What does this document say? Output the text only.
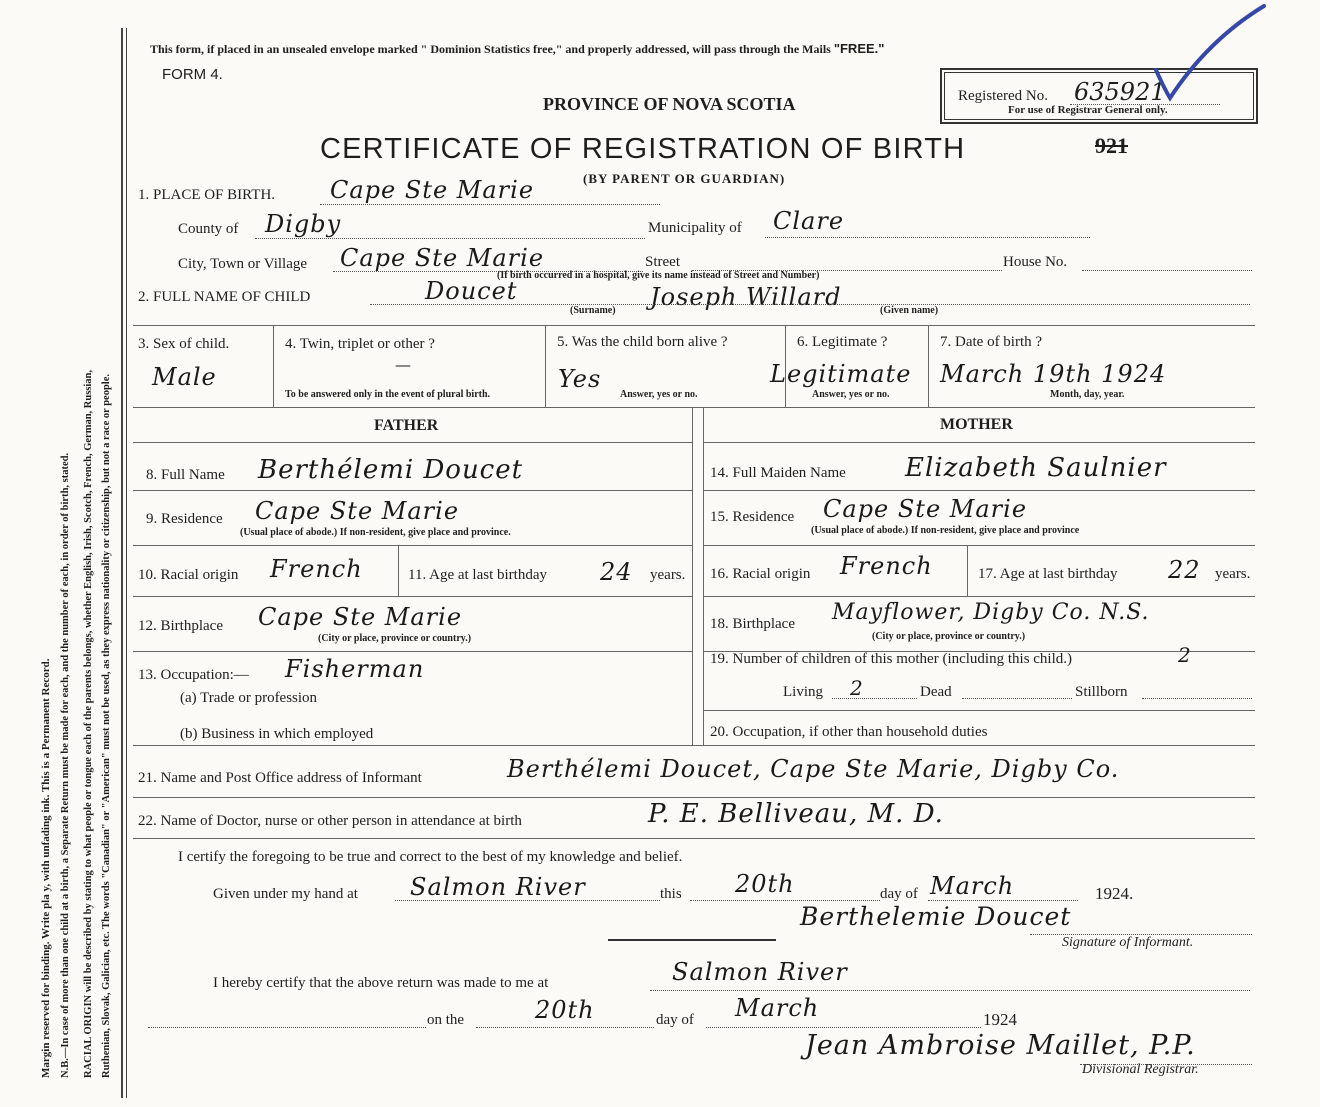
Margin reserved for binding. Write pla y, with unfading ink. This is a Permanent Record. N.B.—In case of more than one child at a birth, a Separate Return must be made for each, and the number of each, in order of birth, stated. RACIAL ORIGIN will be described by stating to what people or tongue each of the parents belongs, whether English, Irish, Scotch, French, German, Russian, Ruthenian, Slovak, Galician, etc. The words "Canadian" or "American" must not be used, as they express nationality or citizenship, but not a race or people.
This form, if placed in an unsealed envelope marked " Dominion Statistics free," and properly addressed, will pass through the Mails "FREE."
FORM 4.
PROVINCE OF NOVA SCOTIA	Registered No. 635921
For use of Registrar General only.
CERTIFICATE OF REGISTRATION OF BIRTH	921
(BY PARENT OR GUARDIAN)
1. PLACE OF BIRTH. Cape Ste Marie
County of Digby	Municipality of Clare
City, Town or Village Cape Ste Marie	Street	House No.
(If birth occurred in a hospital, give its name instead of Street and Number)
2. FULL NAME OF CHILD	Doucet	Joseph Willard
(Surname)	(Given name)
3. Sex of child.
Male
4. Twin, triplet or other ?
—
To be answered only in the event of plural birth.
5. Was the child born alive ?
Yes
Answer, yes or no.
6. Legitimate ?
Legitimate
Answer, yes or no.
7. Date of birth ?
March 19th 1924
Month, day, year.
FATHER	MOTHER
8. Full Name Berthélemi Doucet
9. Residence Cape Ste Marie
(Usual place of abode.) If non-resident, give place and province.
10. Racial origin French	11. Age at last birthday 24 years.
12. Birthplace Cape Ste Marie
(City or place, province or country.)
13. Occupation:— Fisherman
(a) Trade or profession
(b) Business in which employed
14. Full Maiden Name Elizabeth Saulnier
15. Residence Cape Ste Marie
(Usual place of abode.) If non-resident, give place and province
16. Racial origin French	17. Age at last birthday 22 years.
18. Birthplace Mayflower, Digby Co. N.S.
(City or place, province or country.)
19. Number of children of this mother (including this child.)	2
Living 2	Dead	Stillborn
20. Occupation, if other than household duties
21. Name and Post Office address of Informant	Berthélemi Doucet, Cape Ste Marie, Digby Co.
22. Name of Doctor, nurse or other person in attendance at birth	P. E. Belliveau, M. D.
I certify the foregoing to be true and correct to the best of my knowledge and belief.
Given under my hand at Salmon River	this 20th	day of March	1924.
Berthelemie Doucet
Signature of Informant.
I hereby certify that the above return was made to me at	Salmon River
on the	20th	day of March	1924
Jean Ambroise Maillet, P.P.
Divisional Registrar.
